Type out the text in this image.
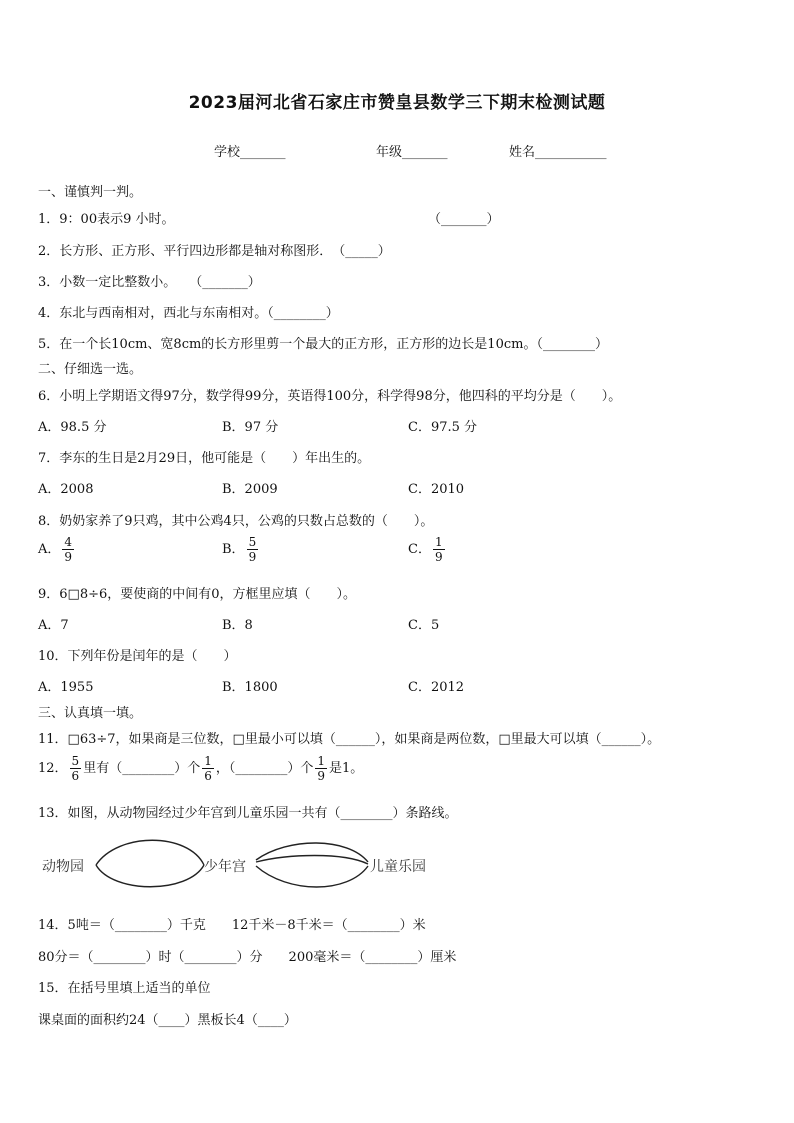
2023届河北省石家庄市赞皇县数学三下期末检测试题
学校_______	年级_______	姓名___________
一、谨慎判一判。
1．9：00表示9 小时。	（_______）
2．长方形、正方形、平行四边形都是轴对称图形．　（_____）
3．小数一定比整数小。　　（_______）
4．东北与西南相对，西北与东南相对。（________）
5．在一个长10cm、宽8cm的长方形里剪一个最大的正方形，正方形的边长是10cm。（________）
二、仔细选一选。
6．小明上学期语文得97分，数学得99分，英语得100分，科学得98分，他四科的平均分是（　　）。
A．98.5 分	B．97 分	C．97.5 分
7．李东的生日是2月29日，他可能是（　　）年出生的。
A．2008	B．2009	C．2010
8．奶奶家养了9只鸡，其中公鸡4只，公鸡的只数占总数的（　　）。
A． $\frac{4}{9}$	B． $\frac{5}{9}$	C． $\frac{1}{9}$
9．6□8÷6，要使商的中间有0，方框里应填（　　）。
A．7	B．8	C．5
10．下列年份是闰年的是（　　）
A．1955	B．1800	C．2012
三、认真填一填。
11．□63÷7，如果商是三位数，□里最小可以填（______），如果商是两位数，□里最大可以填（______）。
12． $\frac{5}{6}$ 里有（________）个 $\frac{1}{6}$ ，（________）个 $\frac{1}{9}$ 是1。
13．如图，从动物园经过少年宫到儿童乐园一共有（________）条路线。
动物园	少年宫	儿童乐园
14．5吨＝（________）千克　　12千米－8千米＝（________）米
80分＝（________）时（________）分　　200毫米＝（________）厘米
15．在括号里填上适当的单位
课桌面的面积约24（____）黑板长4（____）
